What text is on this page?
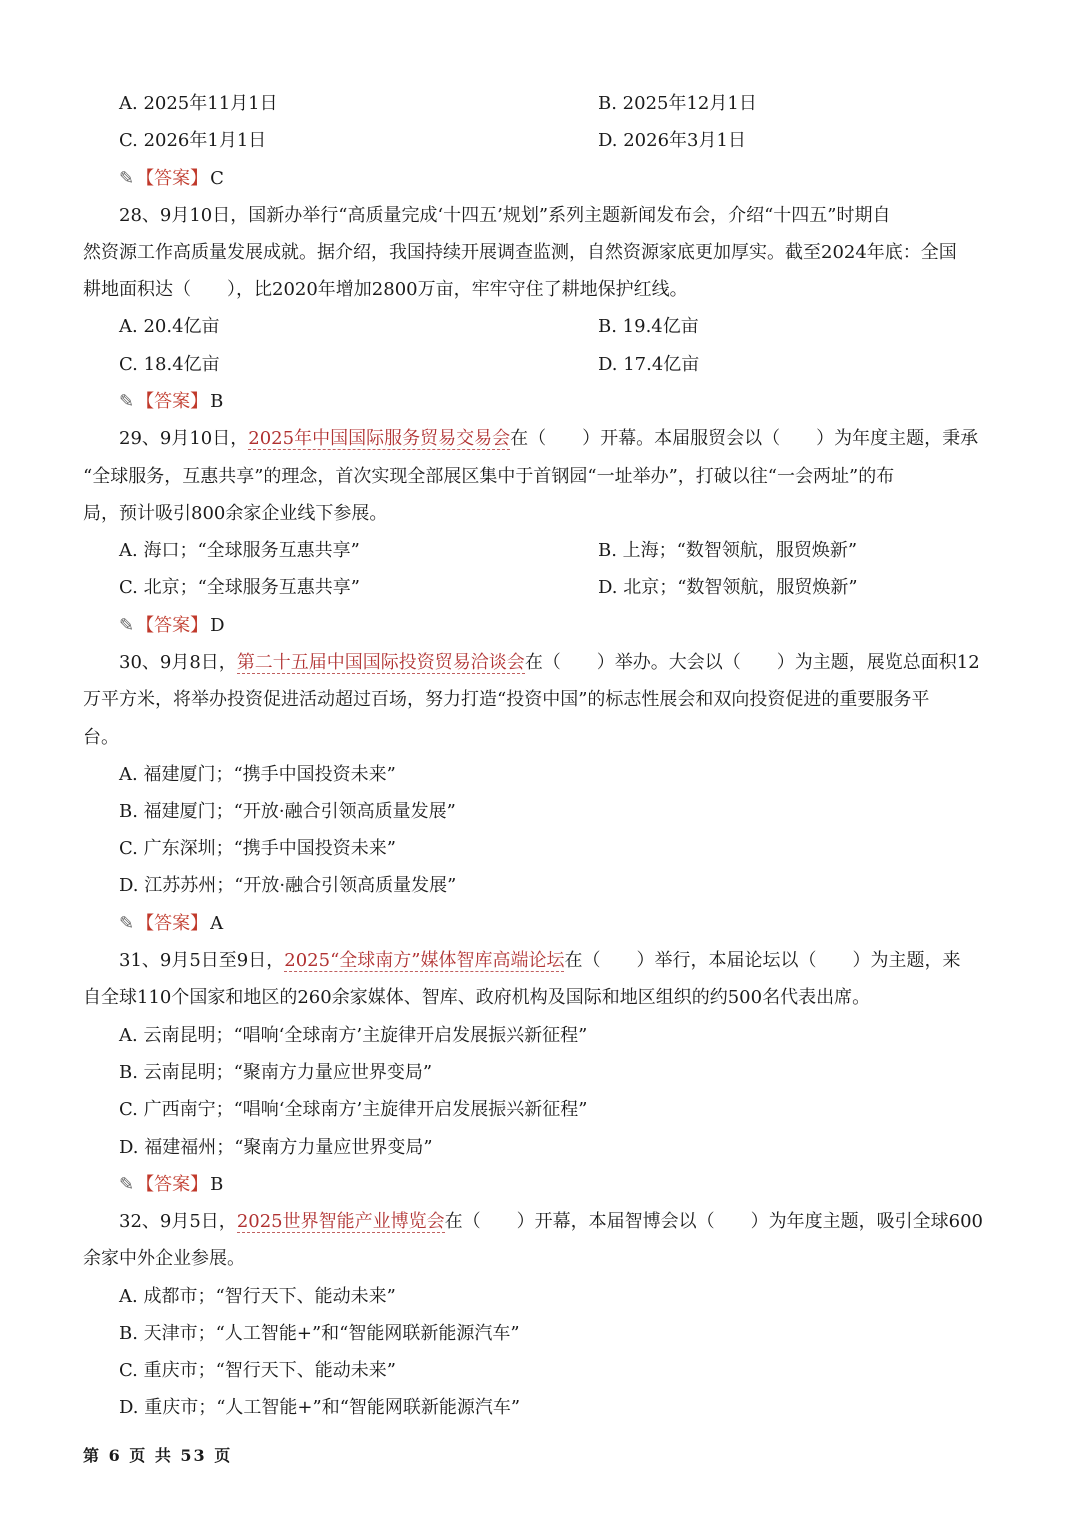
A. 2025年11月1日	B. 2025年12月1日
C. 2026年1月1日	D. 2026年3月1日
✎ 【答案】 C
28、9月10日，国新办举行“高质量完成‘十四五’规划”系列主题新闻发布会，介绍“十四五”时期自
然资源工作高质量发展成就。据介绍，我国持续开展调查监测，自然资源家底更加厚实。截至2024年底：全国
耕地面积达（　　），比2020年增加2800万亩，牢牢守住了耕地保护红线。
A. 20.4亿亩	B. 19.4亿亩
C. 18.4亿亩	D. 17.4亿亩
✎ 【答案】 B
29、9月10日，2025年中国国际服务贸易交易会在（　　）开幕。本届服贸会以（　　）为年度主题，秉承
“全球服务，互惠共享”的理念，首次实现全部展区集中于首钢园“一址举办”，打破以往“一会两址”的布
局，预计吸引800余家企业线下参展。
A. 海口；“全球服务互惠共享”	B. 上海；“数智领航，服贸焕新”
C. 北京；“全球服务互惠共享”	D. 北京；“数智领航，服贸焕新”
✎ 【答案】 D
30、9月8日，第二十五届中国国际投资贸易洽谈会在（　　）举办。大会以（　　）为主题，展览总面积12
万平方米，将举办投资促进活动超过百场，努力打造“投资中国”的标志性展会和双向投资促进的重要服务平
台。
A. 福建厦门；“携手中国投资未来”
B. 福建厦门；“开放·融合引领高质量发展”
C. 广东深圳；“携手中国投资未来”
D. 江苏苏州；“开放·融合引领高质量发展”
✎ 【答案】 A
31、9月5日至9日，2025“全球南方”媒体智库高端论坛在（　　）举行，本届论坛以（　　）为主题，来
自全球110个国家和地区的260余家媒体、智库、政府机构及国际和地区组织的约500名代表出席。
A. 云南昆明；“唱响‘全球南方’主旋律开启发展振兴新征程”
B. 云南昆明；“聚南方力量应世界变局”
C. 广西南宁；“唱响‘全球南方’主旋律开启发展振兴新征程”
D. 福建福州；“聚南方力量应世界变局”
✎ 【答案】 B
32、9月5日，2025世界智能产业博览会在（　　）开幕，本届智博会以（　　）为年度主题，吸引全球600
余家中外企业参展。
A. 成都市；“智行天下、能动未来”
B. 天津市；“人工智能+”和“智能网联新能源汽车”
C. 重庆市；“智行天下、能动未来”
D. 重庆市；“人工智能+”和“智能网联新能源汽车”
第 6 页 共 53 页
